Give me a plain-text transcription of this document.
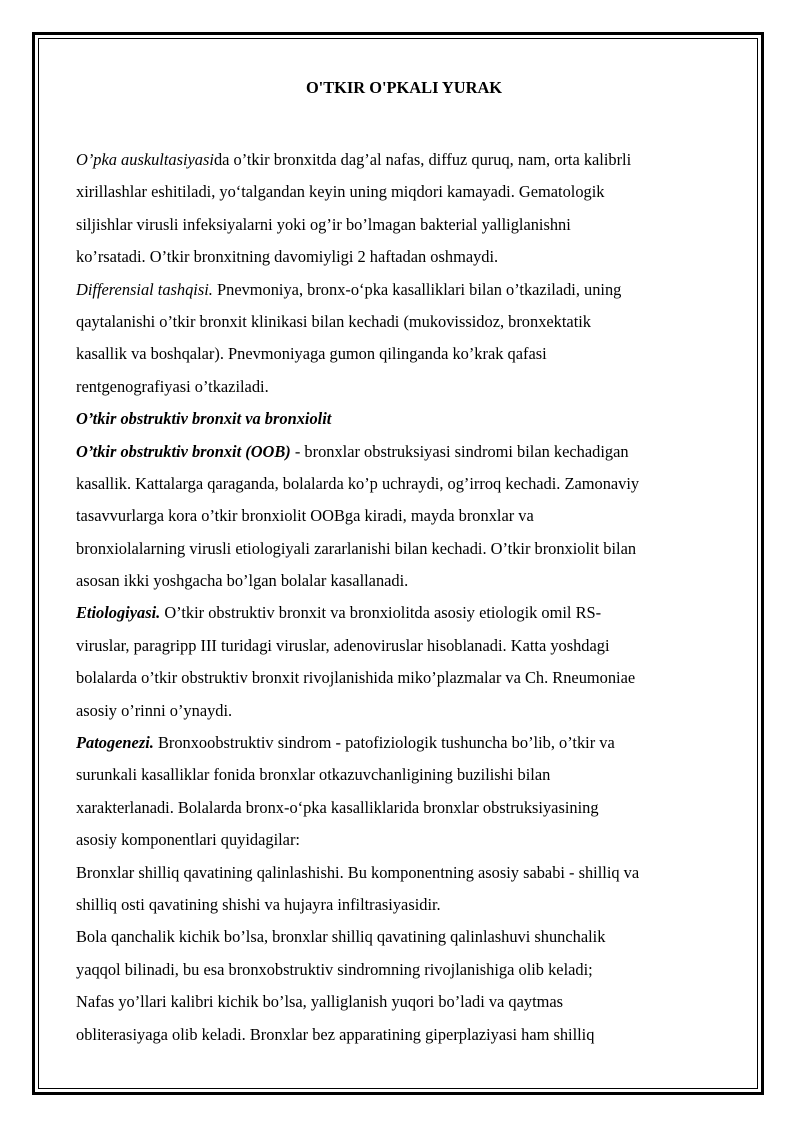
O'TKIR O'PKALI YURAK
O’pka auskultasiyasida o’tkir bronxitda dag’al nafas, diffuz quruq, nam, orta kalibrli
xirillashlar eshitiladi, yoʻtalgandan keyin uning miqdori kamayadi. Gematologik
siljishlar virusli infeksiyalarni yoki og’ir bo’lmagan bakterial yalliglanishni
ko’rsatadi. O’tkir bronxitning davomiyligi 2 haftadan oshmaydi.
Differensial tashqisi. Pnevmoniya, bronx-oʻpka kasalliklari bilan o’tkaziladi, uning
qaytalanishi o’tkir bronxit klinikasi bilan kechadi (mukovissidoz, bronxektatik
kasallik va boshqalar). Pnevmoniyaga gumon qilinganda ko’krak qafasi
rentgenografiyasi o’tkaziladi.
O’tkir obstruktiv bronxit va bronxiolit
O’tkir obstruktiv bronxit (OOB) - bronxlar obstruksiyasi sindromi bilan kechadigan
kasallik. Kattalarga qaraganda, bolalarda ko’p uchraydi, og’irroq kechadi. Zamonaviy
tasavvurlarga kora o’tkir bronxiolit OOBga kiradi, mayda bronxlar va
bronxiolalarning virusli etiologiyali zararlanishi bilan kechadi. O’tkir bronxiolit bilan
asosan ikki yoshgacha bo’lgan bolalar kasallanadi.
Etiologiyasi. O’tkir obstruktiv bronxit va bronxiolitda asosiy etiologik omil RS-
viruslar, paragripp III turidagi viruslar, adenoviruslar hisoblanadi. Katta yoshdagi
bolalarda o’tkir obstruktiv bronxit rivojlanishida miko’plazmalar va Ch. Rneumoniae
asosiy o’rinni o’ynaydi.
Patogenezi. Bronxoobstruktiv sindrom - patofiziologik tushuncha bo’lib, o’tkir va
surunkali kasalliklar fonida bronxlar otkazuvchanligining buzilishi bilan
xarakterlanadi. Bolalarda bronx-oʻpka kasalliklarida bronxlar obstruksiyasining
asosiy komponentlari quyidagilar:
Bronxlar shilliq qavatining qalinlashishi. Bu komponentning asosiy sababi - shilliq va
shilliq osti qavatining shishi va hujayra infiltrasiyasidir.
Bola qanchalik kichik bo’lsa, bronxlar shilliq qavatining qalinlashuvi shunchalik
yaqqol bilinadi, bu esa bronxobstruktiv sindromning rivojlanishiga olib keladi;
Nafas yo’llari kalibri kichik bo’lsa, yalliglanish yuqori bo’ladi va qaytmas
obliterasiyaga olib keladi. Bronxlar bez apparatining giperplaziyasi ham shilliq
